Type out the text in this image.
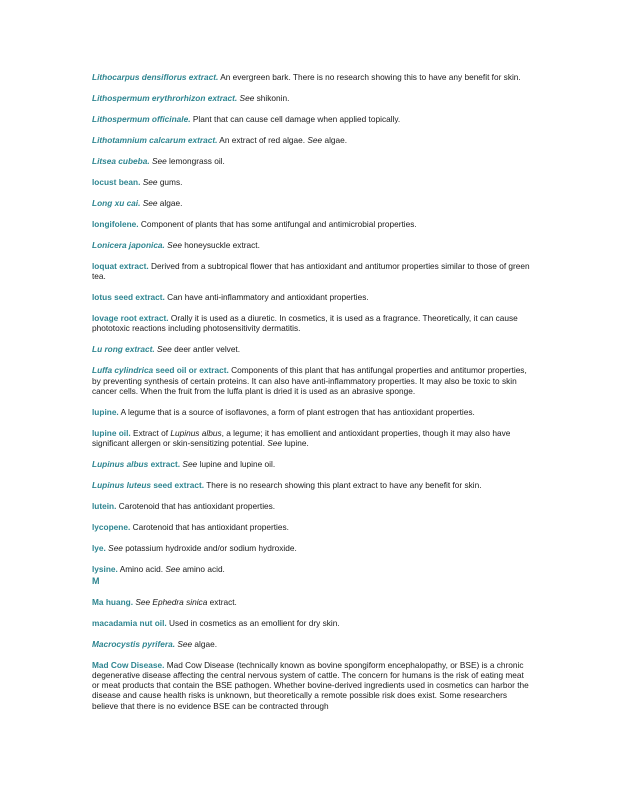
Lithocarpus densiflorus extract. An evergreen bark. There is no research showing this to have any benefit for skin.

Lithospermum erythrorhizon extract. See shikonin.

Lithospermum officinale. Plant that can cause cell damage when applied topically.

Lithotamnium calcarum extract. An extract of red algae. See algae.

Litsea cubeba. See lemongrass oil.

locust bean. See gums.

Long xu cai. See algae.

longifolene. Component of plants that has some antifungal and antimicrobial properties.

Lonicera japonica. See honeysuckle extract.

loquat extract. Derived from a subtropical flower that has antioxidant and antitumor properties similar to those of green tea.

lotus seed extract. Can have anti-inflammatory and antioxidant properties.

lovage root extract. Orally it is used as a diuretic. In cosmetics, it is used as a fragrance. Theoretically, it can cause phototoxic reactions including photosensitivity dermatitis.

Lu rong extract. See deer antler velvet.

Luffa cylindrica seed oil or extract. Components of this plant that has antifungal properties and antitumor properties, by preventing synthesis of certain proteins. It can also have anti-inflammatory properties. It may also be toxic to skin cancer cells. When the fruit from the luffa plant is dried it is used as an abrasive sponge.

lupine. A legume that is a source of isoflavones, a form of plant estrogen that has antioxidant properties.

lupine oil. Extract of Lupinus albus, a legume; it has emollient and antioxidant properties, though it may also have significant allergen or skin-sensitizing potential. See lupine.

Lupinus albus extract. See lupine and lupine oil.

Lupinus luteus seed extract. There is no research showing this plant extract to have any benefit for skin.

lutein. Carotenoid that has antioxidant properties.

lycopene. Carotenoid that has antioxidant properties.

lye. See potassium hydroxide and/or sodium hydroxide.

lysine. Amino acid. See amino acid.

M

Ma huang. See Ephedra sinica extract.

macadamia nut oil. Used in cosmetics as an emollient for dry skin.

Macrocystis pyrifera. See algae.

Mad Cow Disease. Mad Cow Disease (technically known as bovine spongiform encephalopathy, or BSE) is a chronic degenerative disease affecting the central nervous system of cattle. The concern for humans is the risk of eating meat or meat products that contain the BSE pathogen. Whether bovine-derived ingredients used in cosmetics can harbor the disease and cause health risks is unknown, but theoretically a remote possible risk does exist. Some researchers believe that there is no evidence BSE can be contracted through
